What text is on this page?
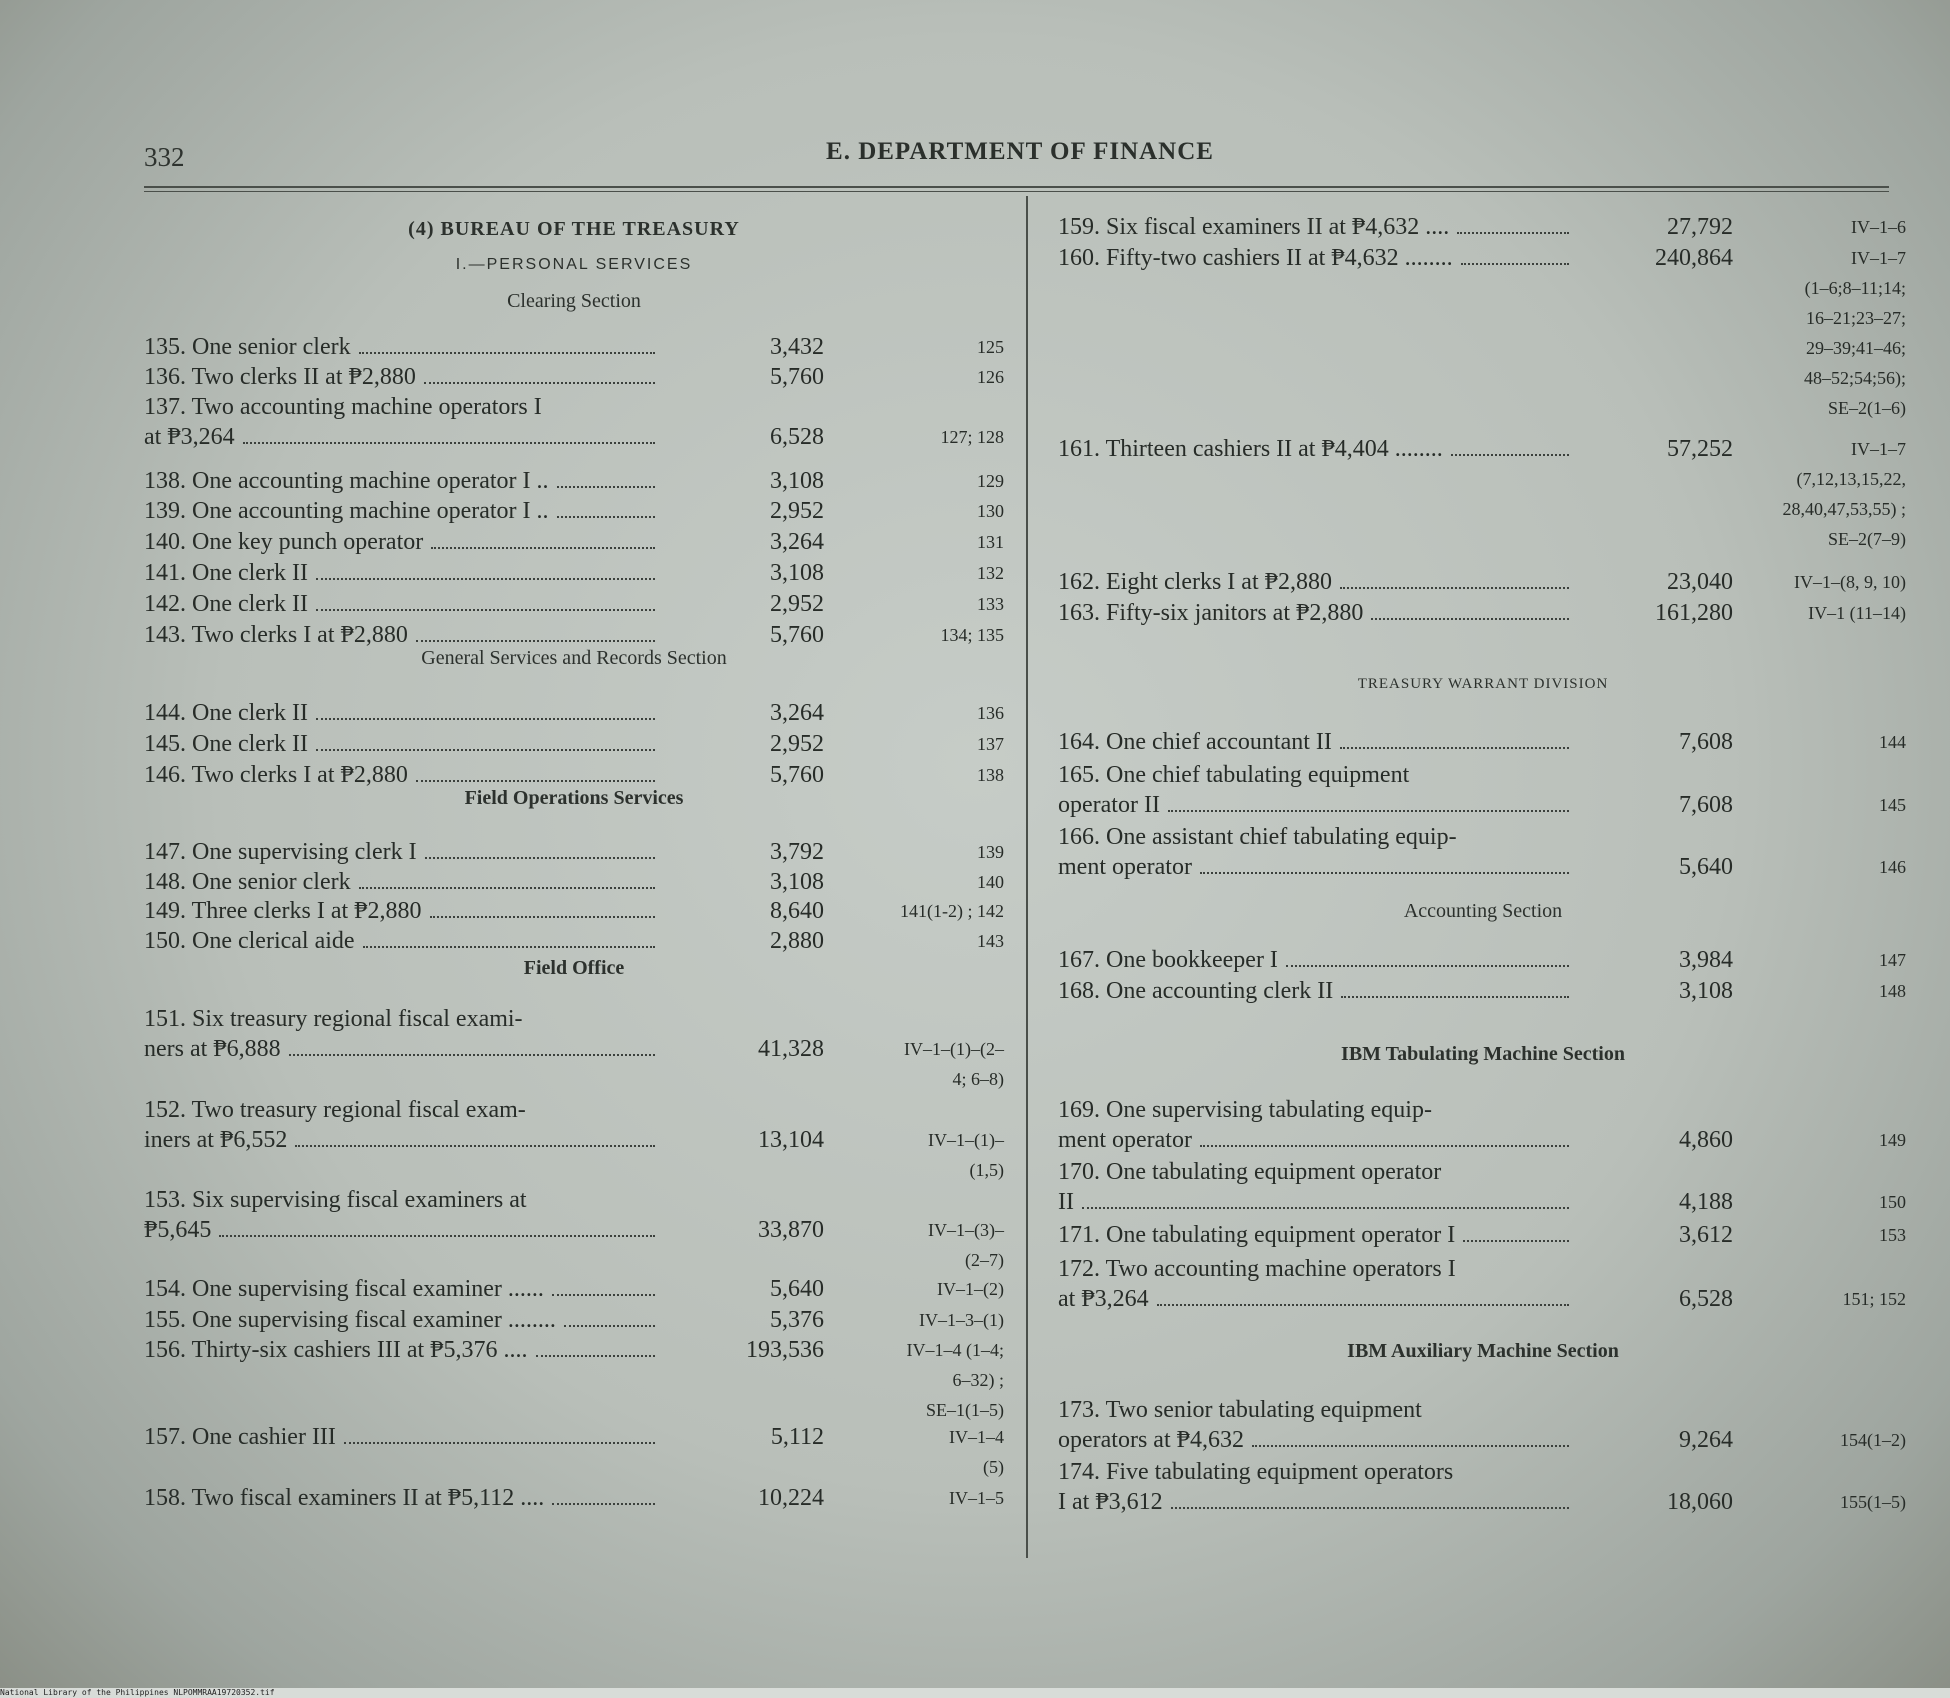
332	E. DEPARTMENT OF FINANCE
(4) BUREAU OF THE TREASURY
I.—PERSONAL SERVICES
Clearing Section
General Services and Records Section
Field Operations Services
Field Office
135. One senior clerk	3,432	125
136. Two clerks II at ₱2,880	5,760	126
137. Two accounting machine operators I
at ₱3,264	6,528	127; 128
138. One accounting machine operator I ..	3,108	129
139. One accounting machine operator I ..	2,952	130
140. One key punch operator	3,264	131
141. One clerk II	3,108	132
142. One clerk II	2,952	133
143. Two clerks I at ₱2,880	5,760	134; 135
144. One clerk II	3,264	136
145. One clerk II	2,952	137
146. Two clerks I at ₱2,880	5,760	138
147. One supervising clerk I	3,792	139
148. One senior clerk	3,108	140
149. Three clerks I at ₱2,880	8,640	141(1-2) ; 142
150. One clerical aide	2,880	143
151. Six treasury regional fiscal exami-
ners at ₱6,888	41,328	IV–1–(1)–(2–
4; 6–8)
152. Two treasury regional fiscal exam-
iners at ₱6,552	13,104	IV–1–(1)–
(1,5)
153. Six supervising fiscal examiners at
₱5,645	33,870	IV–1–(3)–
(2–7)
154. One supervising fiscal examiner ......	5,640	IV–1–(2)
155. One supervising fiscal examiner ........	5,376	IV–1–3–(1)
156. Thirty-six cashiers III at ₱5,376 ....	193,536	IV–1–4 (1–4;
6–32) ;
SE–1(1–5)
157. One cashier III	5,112	IV–1–4
(5)
158. Two fiscal examiners II at ₱5,112 ....	10,224	IV–1–5
TREASURY WARRANT DIVISION
Accounting Section
IBM Tabulating Machine Section
IBM Auxiliary Machine Section
159. Six fiscal examiners II at ₱4,632 ....	27,792	IV–1–6
160. Fifty-two cashiers II at ₱4,632 ........	240,864	IV–1–7
(1–6;8–11;14;
16–21;23–27;
29–39;41–46;
48–52;54;56);
SE–2(1–6)
161. Thirteen cashiers II at ₱4,404 ........	57,252	IV–1–7
(7,12,13,15,22,
28,40,47,53,55) ;
SE–2(7–9)
162. Eight clerks I at ₱2,880	23,040	IV–1–(8, 9, 10)
163. Fifty-six janitors at ₱2,880	161,280	IV–1 (11–14)
164. One chief accountant II	7,608	144
165. One chief tabulating equipment
operator II	7,608	145
166. One assistant chief tabulating equip-
ment operator	5,640	146
167. One bookkeeper I	3,984	147
168. One accounting clerk II	3,108	148
169. One supervising tabulating equip-
ment operator	4,860	149
170. One tabulating equipment operator
II	4,188	150
171. One tabulating equipment operator I	3,612	153
172. Two accounting machine operators I
at ₱3,264	6,528	151; 152
173. Two senior tabulating equipment
operators at ₱4,632	9,264	154(1–2)
174. Five tabulating equipment operators
I at ₱3,612	18,060	155(1–5)
National Library of the Philippines NLPOMMRAA19720352.tif
